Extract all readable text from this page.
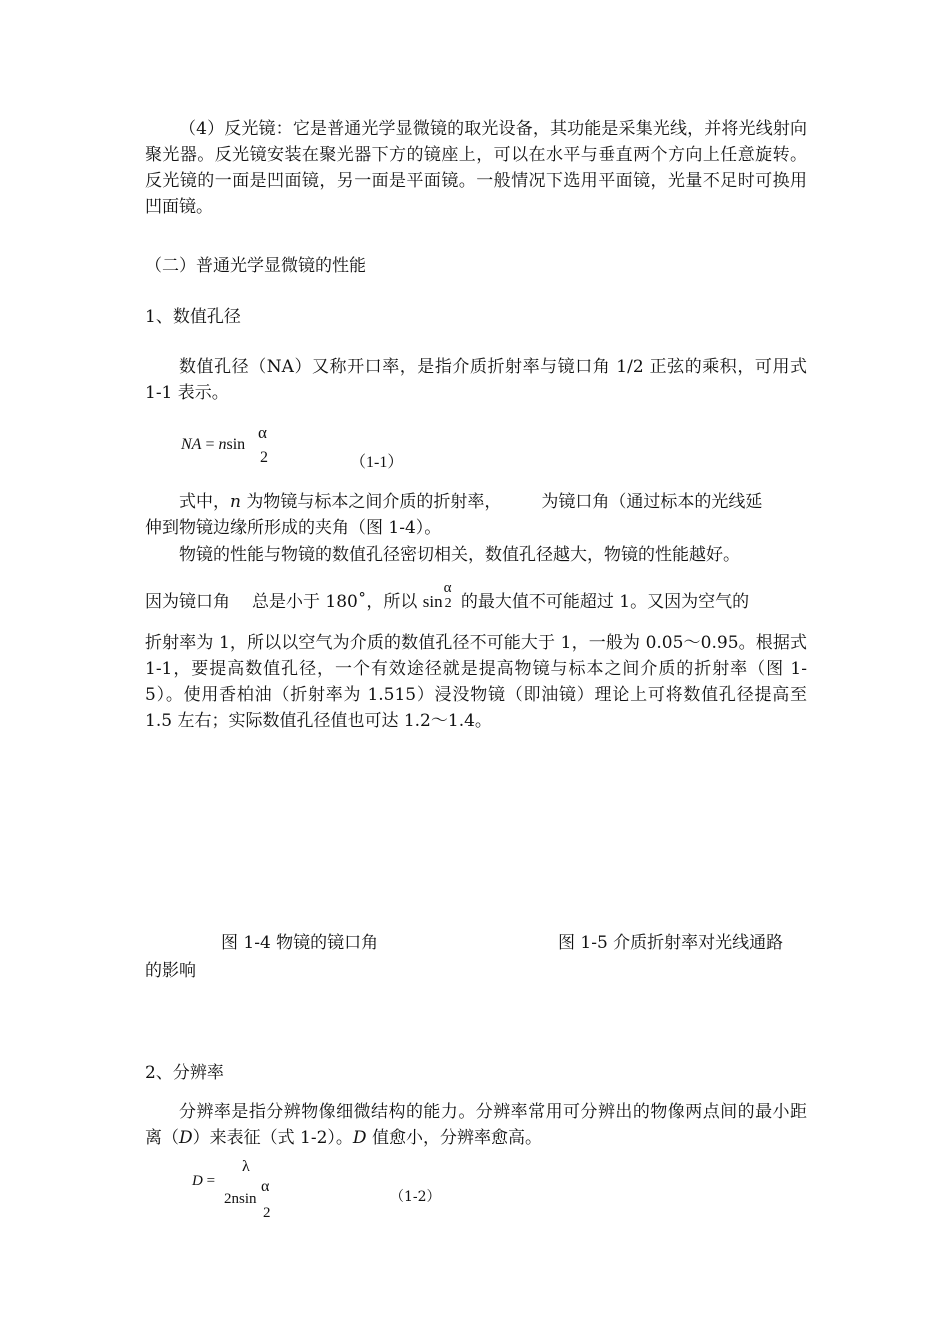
（4）反光镜：它是普通光学显微镜的取光设备，其功能是采集光线，并将光线射向聚光器。反光镜安装在聚光器下方的镜座上，可以在水平与垂直两个方向上任意旋转。反光镜的一面是凹面镜，另一面是平面镜。一般情况下选用平面镜，光量不足时可换用凹面镜。
（二）普通光学显微镜的性能
1、数值孔径
数值孔径（NA）又称开口率，是指介质折射率与镜口角 1/2 正弦的乘积，可用式 1-1 表示。
NA = nsin
α
2	（1-1）
式中，n 为物镜与标本之间介质的折射率， 为镜口角（通过标本的光线延
伸到物镜边缘所形成的夹角（图 1-4）。
物镜的性能与物镜的数值孔径密切相关，数值孔径越大，物镜的性能越好。
因为镜口角 总是小于 180˚，所以 sin
α
2 的最大值不可能超过 1。又因为空气的
折射率为 1，所以以空气为介质的数值孔径不可能大于 1，一般为 0.05～0.95。根据式 1-1，要提高数值孔径，一个有效途径就是提高物镜与标本之间介质的折射率（图 1-5）。使用香柏油（折射率为 1.515）浸没物镜（即油镜）理论上可将数值孔径提高至 1.5 左右；实际数值孔径值也可达 1.2～1.4。
图 1-4 物镜的镜口角	图 1-5 介质折射率对光线通路
的影响
2、分辨率
分辨率是指分辨物像细微结构的能力。分辨率常用可分辨出的物像两点间的最小距离（D）来表征（式 1-2）。D 值愈小，分辨率愈高。
D =
λ
2nsin
α
2
（1-2）
